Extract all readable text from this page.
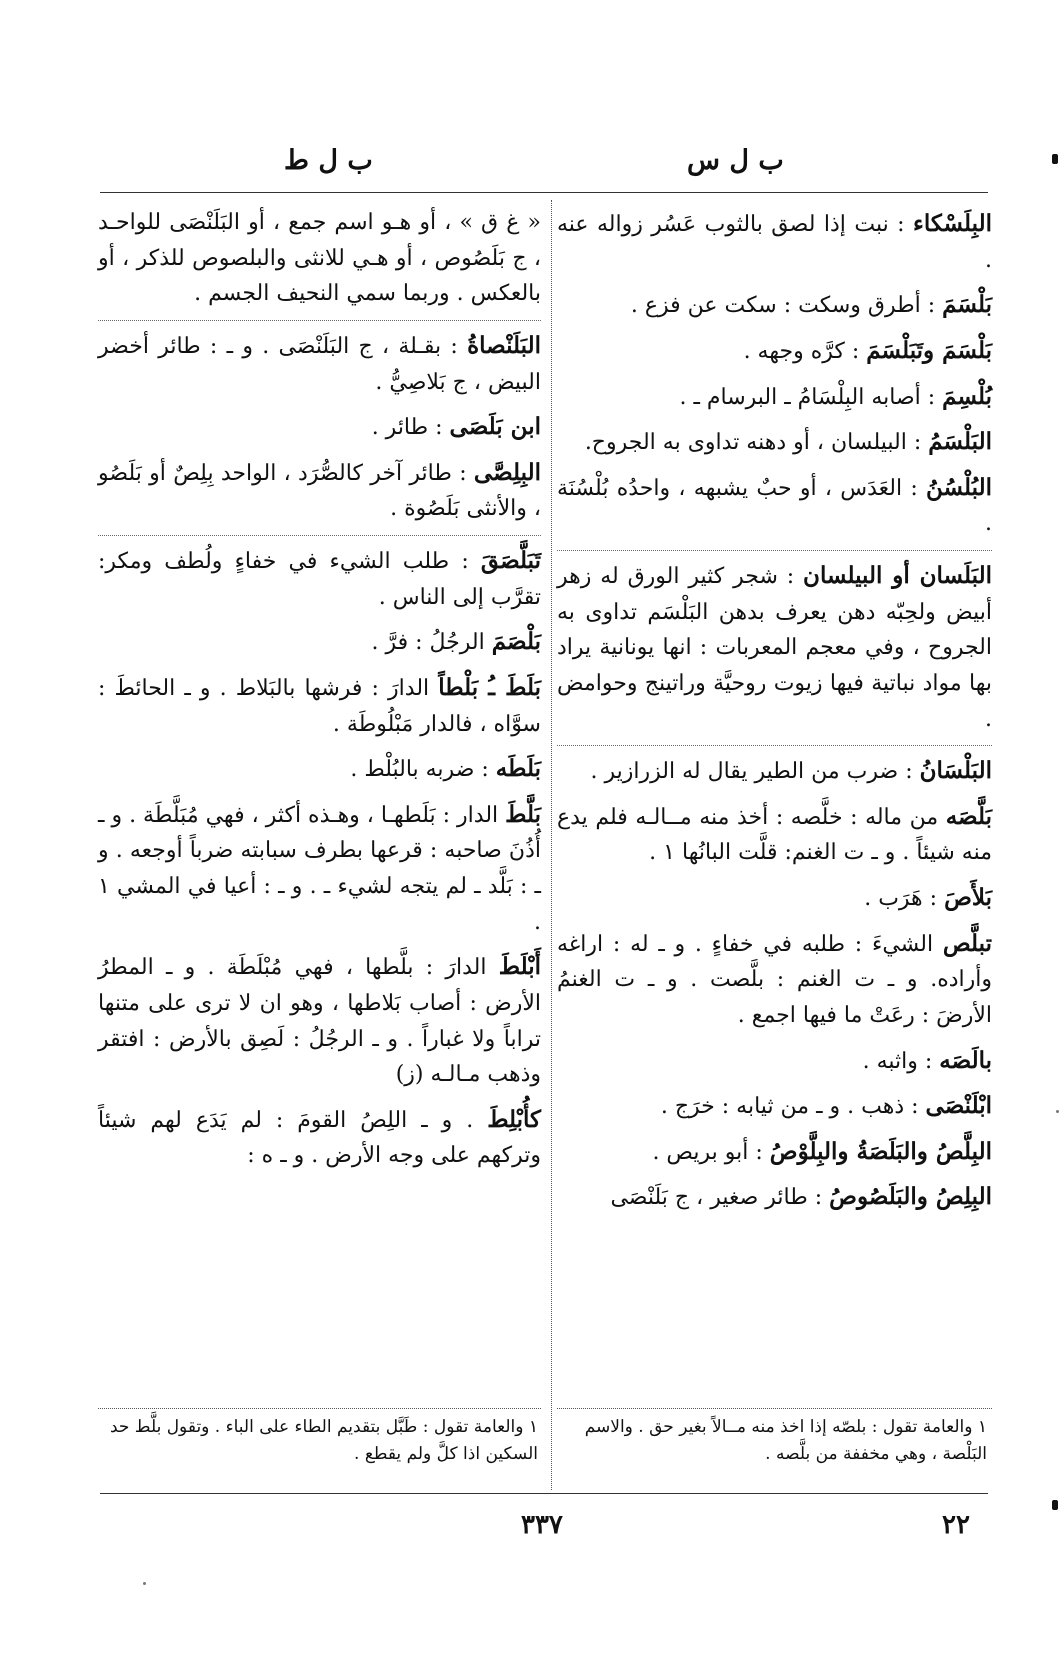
ب ل س
ب ل ط
البِلَسْكاء : نبت إذا لصق بالثوب عَسُر زواله عنه .
بَلْسَمَ : أطرق وسكت : سكت عن فزع .
بَلْسَمَ وتَبَلْسَمَ : كرَّه وجهه .
بُلْسِمَ : أصابه البِلْسَامُ ـ البرسام ـ .
البَلْسَمُ : البيلسان ، أو دهنه تداوى به الجروح.
البُلْسُنُ : العَدَس ، أو حبٌ يشبهه ، واحدُه بُلْسُنَة .
البَلَسان أو البيلسان : شجر كثير الورق له زهر أبيض ولحِبّه دهن يعرف بدهن البَلْسَم تداوى به الجروح ، وفي معجم المعربات : انها يونانية يراد بها مواد نباتية فيها زيوت روحيَّة وراتينج وحوامض .
البَلْسَانُ : ضرب من الطير يقال له الزرازير .
بَلَّصَه من ماله : خلَّصه : أخذ منه مــالـه فلم يدع منه شيئاً . و ـ ت الغنم: قلَّت البانُها ١ .
بَلأَصَ : هَرَب .
تبلَّص الشيءَ : طلبه في خفاءٍ . و ـ له : اراغه وأراده. و ـ ت الغنم : بلَّصت . و ـ ت الغنمُ الأرضَ : رعَتْ ما فيها اجمع .
بالَصَه : واثبه .
ابْلَنْصَى : ذهب . و ـ من ثيابه : خرَج .
البِلَّصُ والبَلَصَةُ والبِلَّوْصُ : أبو بريص .
البِلِصُ والبَلَصُوصُ : طائر صغير ، ج بَلَنْصَى
« غ ق » ، أو هـو اسم جمع ، أو البَلَنْصَى للواحـد ، ج بَلَصُوص ، أو هـي للانثى والبلصوص للذكر ، أو بالعكس . وربما سمي النحيف الجسم .
البَلَنْصاةُ : بقـلة ، ج البَلَنْصَى . و ـ : طائر أخضر البيض ، ج بَلاصِيُّ .
ابن بَلَصَى : طائر .
البِلِصَّى : طائر آخر كالصُّرَد ، الواحد بِلِصٌ أو بَلَصُو ، والأنثى بَلَصُوة .
تَبَلَّصَقَ : طلب الشيء في خفاءٍ ولُطف ومكر: تقرَّب إلى الناس .
بَلْصَمَ الرجُلُ : فرَّ .
بَلَطَ ـُ بَلْطاً الدارَ : فرشها بالبَلاط . و ـ الحائطَ : سوَّاه ، فالدار مَبْلُوطَة .
بَلَطَه : ضربه بالبُلْط .
بَلَّطَ الدار : بَلَطهـا ، وهـذه أكثر ، فهي مُبَلَّطَة . و ـ أُذُنَ صاحبه : قرعها بطرف سبابته ضرباً أوجعه . و ـ : بَلَّد ـ لم يتجه لشيء ـ . و ـ : أعيا في المشي ١ .
أَبْلَطَ الدارَ : بلَّطها ، فهي مُبْلَطَة . و ـ المطرُ الأرض : أصاب بَلاطها ، وهو ان لا ترى على متنها تراباً ولا غباراً . و ـ الرجُلُ : لَصِق بالأرض : افتقر وذهب مـالـه (ز)
كأُبْلِطَ . و ـ اللِصُ القومَ : لم يَدَع لهم شيئاً وتركهم على وجه الأرض . و ـ ه :
١ والعامة تقول : بلصّه إذا اخذ منه مــالاً بغير حق . والاسم البَلْصة ، وهي مخففة من بلَّصه .
١ والعامة تقول : طَبَّل بتقديم الطاء على الباء . وتقول بلَّط حد السكين اذا كلَّ ولم يقطع .
٢٢
٣٣٧
